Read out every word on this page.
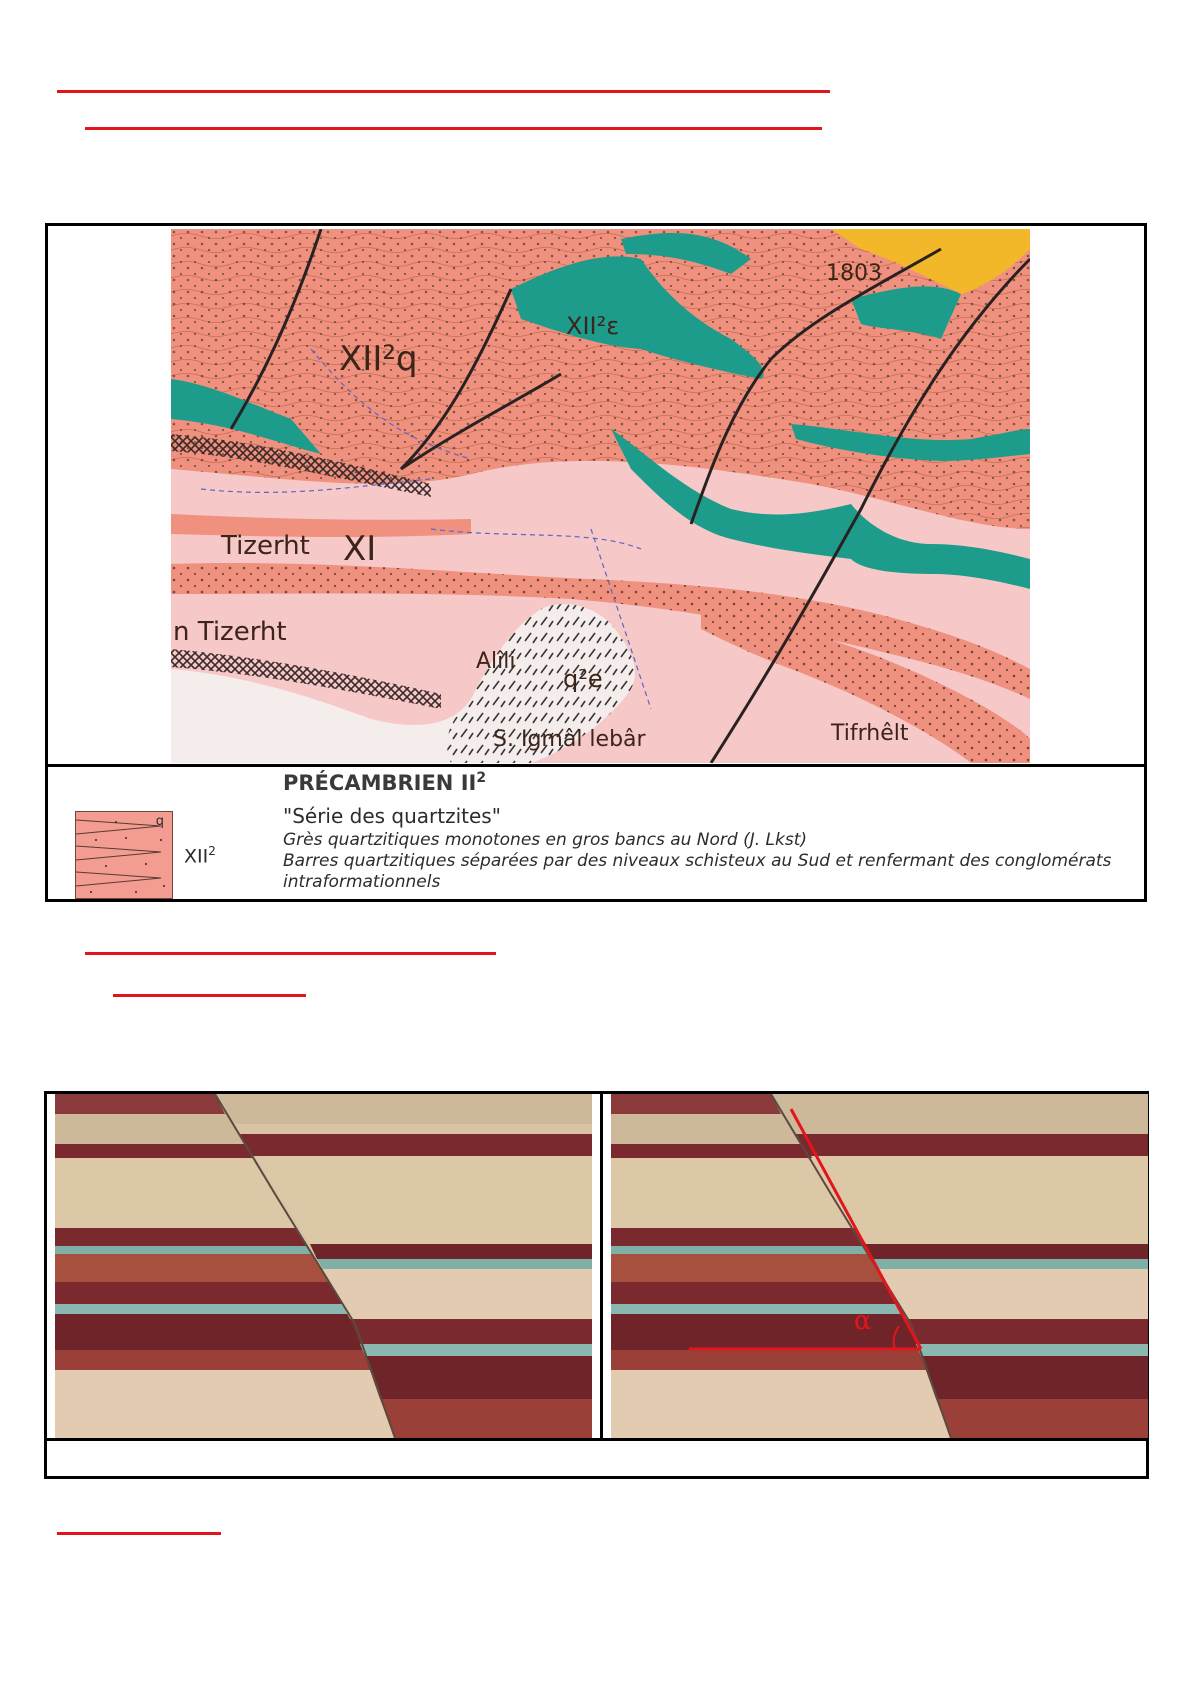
XII²q
XII²ε
XI
Tizerht
n Tizerht
Alîli
q²e
S. Igmâl lebâr	Tifrhêlt
1803
q
XII$^2$
PRÉCAMBRIEN $II^2$
"Série des quartzites"
Grès quartzitiques monotones en gros bancs au Nord (J. Lkst)
Barres quartzitiques séparées par des niveaux schisteux au Sud et renfermant des conglomérats intraformationnels
α
